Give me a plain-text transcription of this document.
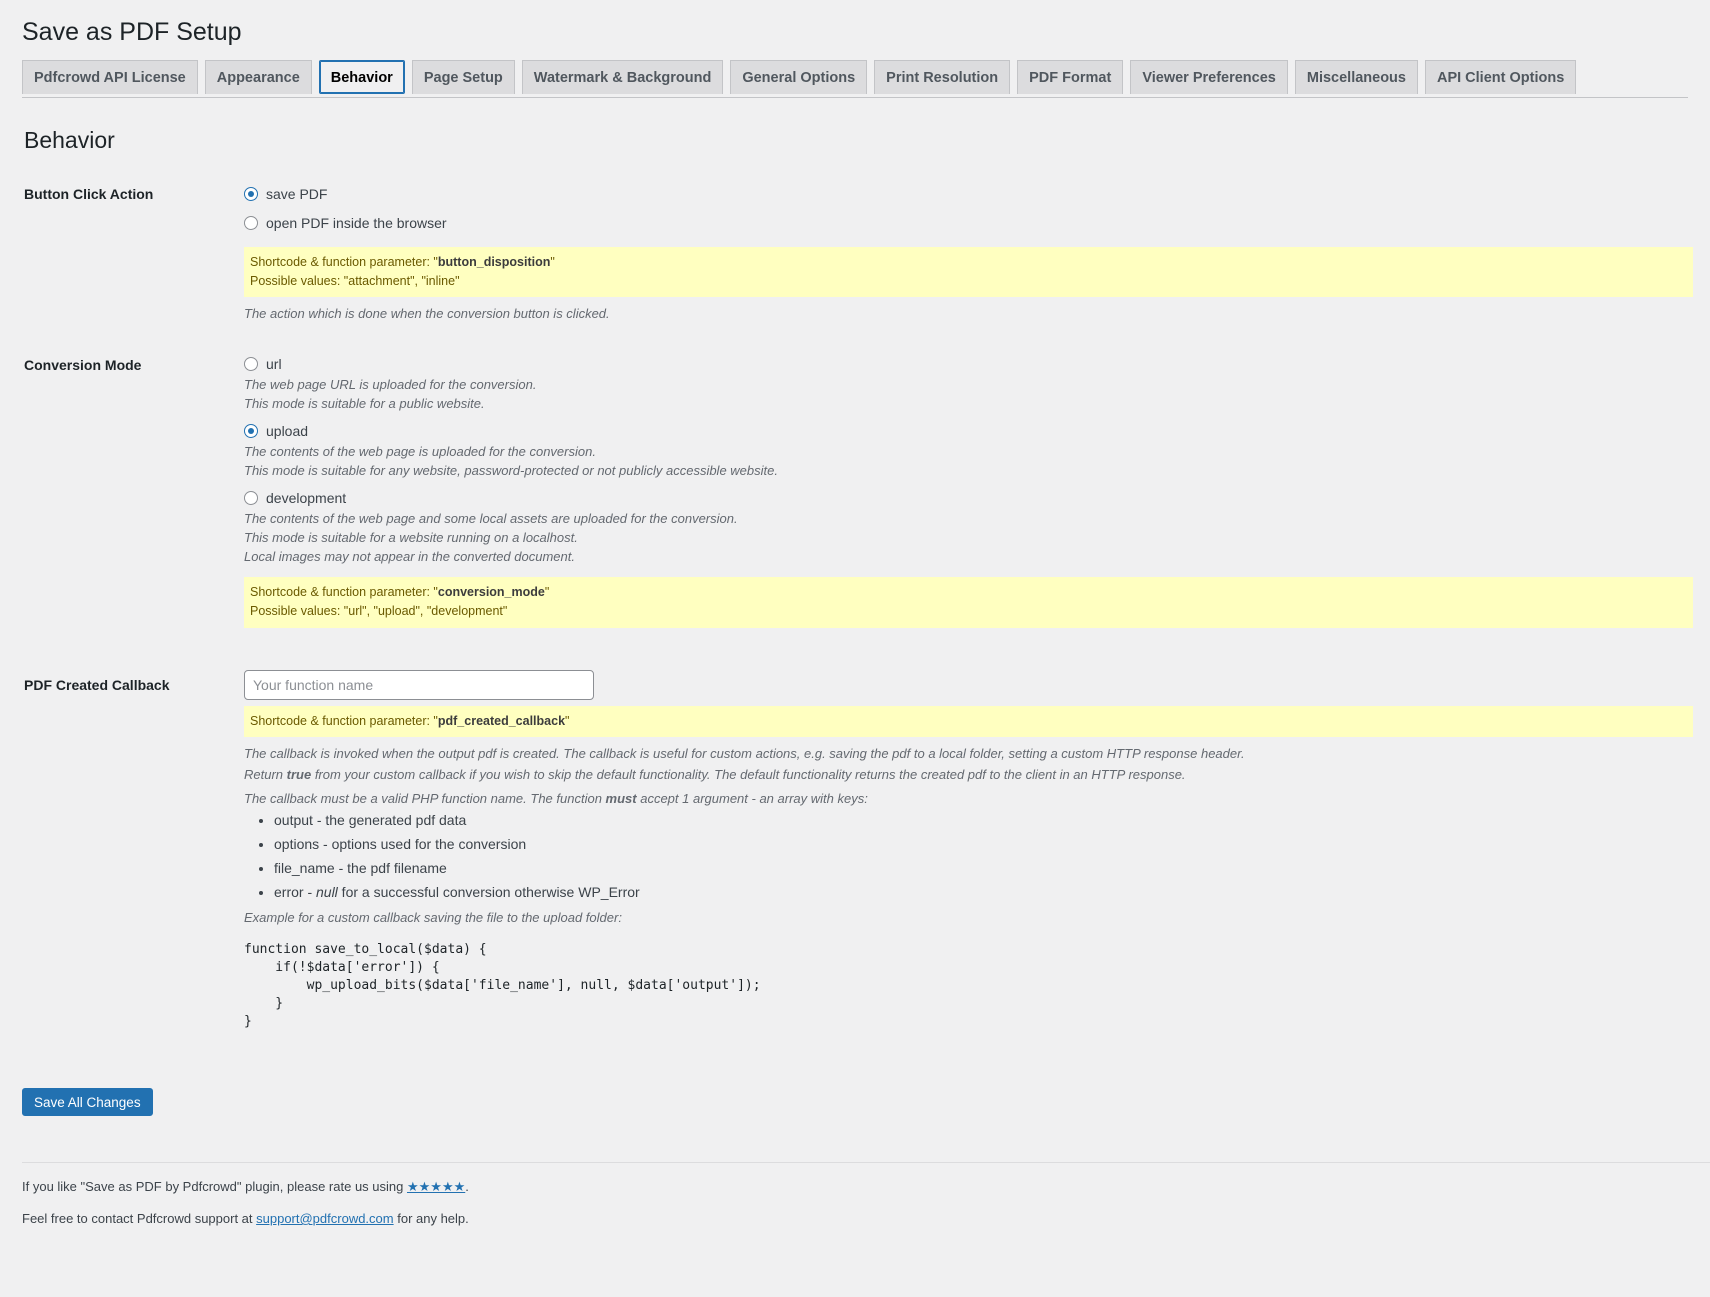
Save as PDF Setup
Pdfcrowd API License	Appearance	Behavior	Page Setup	Watermark & Background	General Options	Print Resolution	PDF Format	Viewer Preferences	Miscellaneous	API Client Options
Behavior
Button Click Action	save PDF
open PDF inside the browser
Shortcode & function parameter: "button_disposition"
Possible values: "attachment", "inline"
The action which is done when the conversion button is clicked.
Conversion Mode	url
The web page URL is uploaded for the conversion.
This mode is suitable for a public website.
upload
The contents of the web page is uploaded for the conversion.
This mode is suitable for any website, password-protected or not publicly accessible website.
development
The contents of the web page and some local assets are uploaded for the conversion.
This mode is suitable for a website running on a localhost.
Local images may not appear in the converted document.
Shortcode & function parameter: "conversion_mode"
Possible values: "url", "upload", "development"
PDF Created Callback
Your function name
Shortcode & function parameter: "pdf_created_callback"
The callback is invoked when the output pdf is created. The callback is useful for custom actions, e.g. saving the pdf to a local folder, setting a custom HTTP response header.
Return true from your custom callback if you wish to skip the default functionality. The default functionality returns the created pdf to the client in an HTTP response.
The callback must be a valid PHP function name. The function must accept 1 argument - an array with keys:
• output - the generated pdf data
• options - options used for the conversion
• file_name - the pdf filename
• error - null for a successful conversion otherwise WP_Error
Example for a custom callback saving the file to the upload folder:
function save_to_local($data) {
if(!$data['error']) {
wp_upload_bits($data['file_name'], null, $data['output']);
}
}
Save All Changes
If you like "Save as PDF by Pdfcrowd" plugin, please rate us using ★★★★★.
Feel free to contact Pdfcrowd support at support@pdfcrowd.com for any help.
